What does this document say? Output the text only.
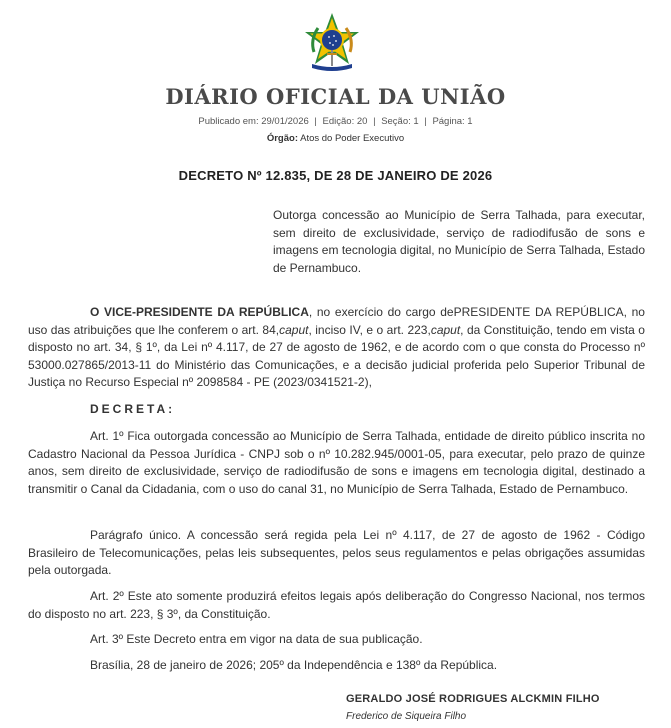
DIÁRIO OFICIAL DA UNIÃO
Publicado em: 29/01/2026 | Edição: 20 | Seção: 1 | Página: 1
Órgão: Atos do Poder Executivo
DECRETO Nº 12.835, DE 28 DE JANEIRO DE 2026
Outorga concessão ao Município de Serra Talhada, para executar, sem direito de exclusividade, serviço de radiodifusão de sons e imagens em tecnologia digital, no Município de Serra Talhada, Estado de Pernambuco.
O VICE-PRESIDENTE DA REPÚBLICA, no exercício do cargo dePRESIDENTE DA REPÚBLICA, no uso das atribuições que lhe conferem o art. 84,caput, inciso IV, e o art. 223,caput, da Constituição, tendo em vista o disposto no art. 34, § 1º, da Lei nº 4.117, de 27 de agosto de 1962, e de acordo com o que consta do Processo nº 53000.027865/2013-11 do Ministério das Comunicações, e a decisão judicial proferida pelo Superior Tribunal de Justiça no Recurso Especial nº 2098584 - PE (2023/0341521-2),
DECRETA:
Art. 1º Fica outorgada concessão ao Município de Serra Talhada, entidade de direito público inscrita no Cadastro Nacional da Pessoa Jurídica - CNPJ sob o nº 10.282.945/0001-05, para executar, pelo prazo de quinze anos, sem direito de exclusividade, serviço de radiodifusão de sons e imagens em tecnologia digital, destinado a transmitir o Canal da Cidadania, com o uso do canal 31, no Município de Serra Talhada, Estado de Pernambuco.
Parágrafo único. A concessão será regida pela Lei nº 4.117, de 27 de agosto de 1962 - Código Brasileiro de Telecomunicações, pelas leis subsequentes, pelos seus regulamentos e pelas obrigações assumidas pela outorgada.
Art. 2º Este ato somente produzirá efeitos legais após deliberação do Congresso Nacional, nos termos do disposto no art. 223, § 3º, da Constituição.
Art. 3º Este Decreto entra em vigor na data de sua publicação.
Brasília, 28 de janeiro de 2026; 205º da Independência e 138º da República.
GERALDO JOSÉ RODRIGUES ALCKMIN FILHO
Frederico de Siqueira Filho
